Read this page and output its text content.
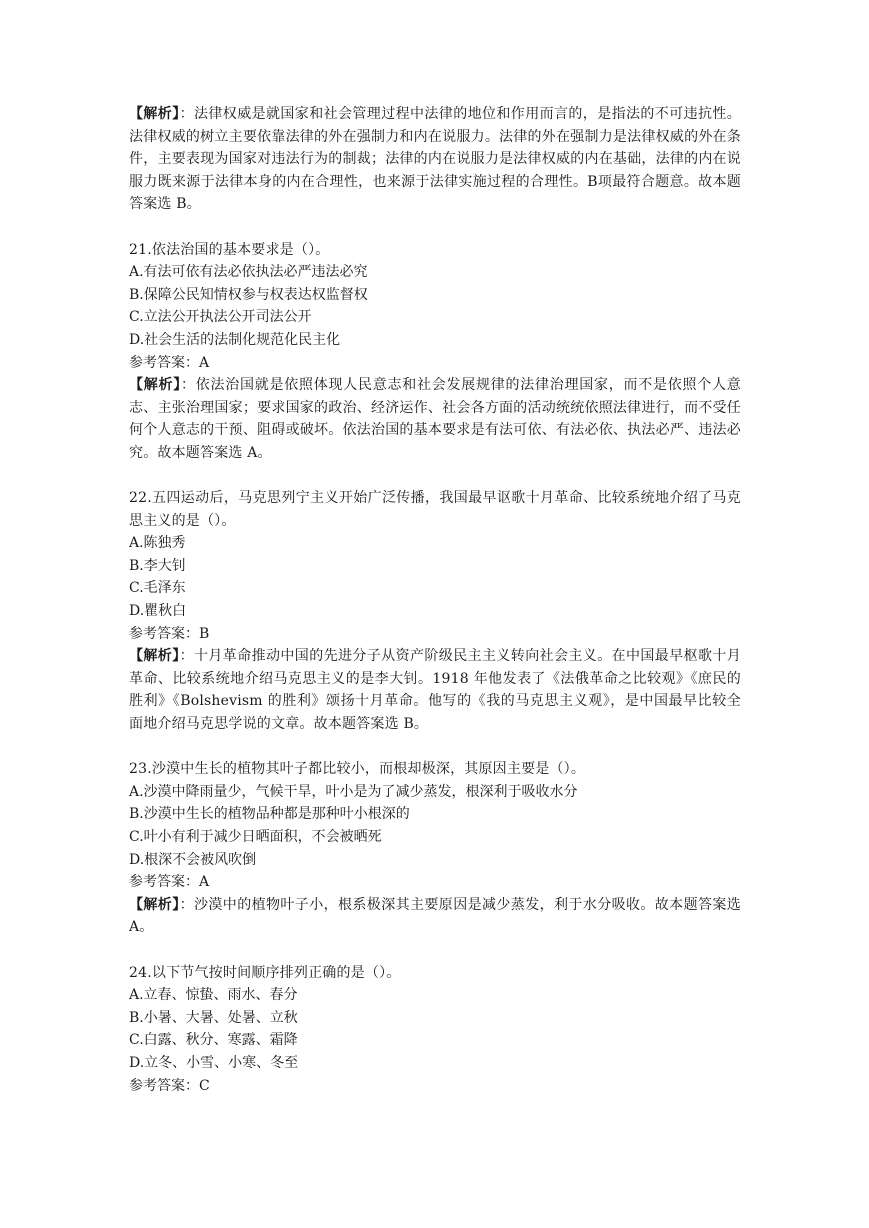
【解析】：法律权威是就国家和社会管理过程中法律的地位和作用而言的，是指法的不可违抗性。法律权威的树立主要依靠法律的外在强制力和内在说服力。法律的外在强制力是法律权威的外在条件，主要表现为国家对违法行为的制裁；法律的内在说服力是法律权威的内在基础，法律的内在说服力既来源于法律本身的内在合理性，也来源于法律实施过程的合理性。B项最符合题意。故本题答案选 B。

21.依法治国的基本要求是（）。

A.有法可依有法必依执法必严违法必究

B.保障公民知情权参与权表达权监督权

C.立法公开执法公开司法公开

D.社会生活的法制化规范化民主化

参考答案：A

【解析】：依法治国就是依照体现人民意志和社会发展规律的法律治理国家，而不是依照个人意志、主张治理国家；要求国家的政治、经济运作、社会各方面的活动统统依照法律进行，而不受任何个人意志的干预、阻碍或破坏。依法治国的基本要求是有法可依、有法必依、执法必严、违法必究。故本题答案选 A。

22.五四运动后，马克思列宁主义开始广泛传播，我国最早讴歌十月革命、比较系统地介绍了马克思主义的是（）。

A.陈独秀

B.李大钊

C.毛泽东

D.瞿秋白

参考答案：B

【解析】：十月革命推动中国的先进分子从资产阶级民主主义转向社会主义。在中国最早枢歌十月革命、比较系统地介绍马克思主义的是李大钊。1918 年他发表了《法俄革命之比较观》《庶民的胜利》《Bolshevism 的胜利》颂扬十月革命。他写的《我的马克思主义观》，是中国最早比较全面地介绍马克思学说的文章。故本题答案选 B。

23.沙漠中生长的植物其叶子都比较小，而根却极深，其原因主要是（）。

A.沙漠中降雨量少，气候干旱，叶小是为了减少蒸发，根深利于吸收水分

B.沙漠中生长的植物品种都是那种叶小根深的

C.叶小有利于减少日晒面积，不会被晒死

D.根深不会被风吹倒

参考答案：A

【解析】：沙漠中的植物叶子小，根系极深其主要原因是减少蒸发，利于水分吸收。故本题答案选 A。

24.以下节气按时间顺序排列正确的是（）。

A.立春、惊蛰、雨水、春分

B.小暑、大暑、处暑、立秋

C.白露、秋分、寒露、霜降

D.立冬、小雪、小寒、冬至

参考答案：C
